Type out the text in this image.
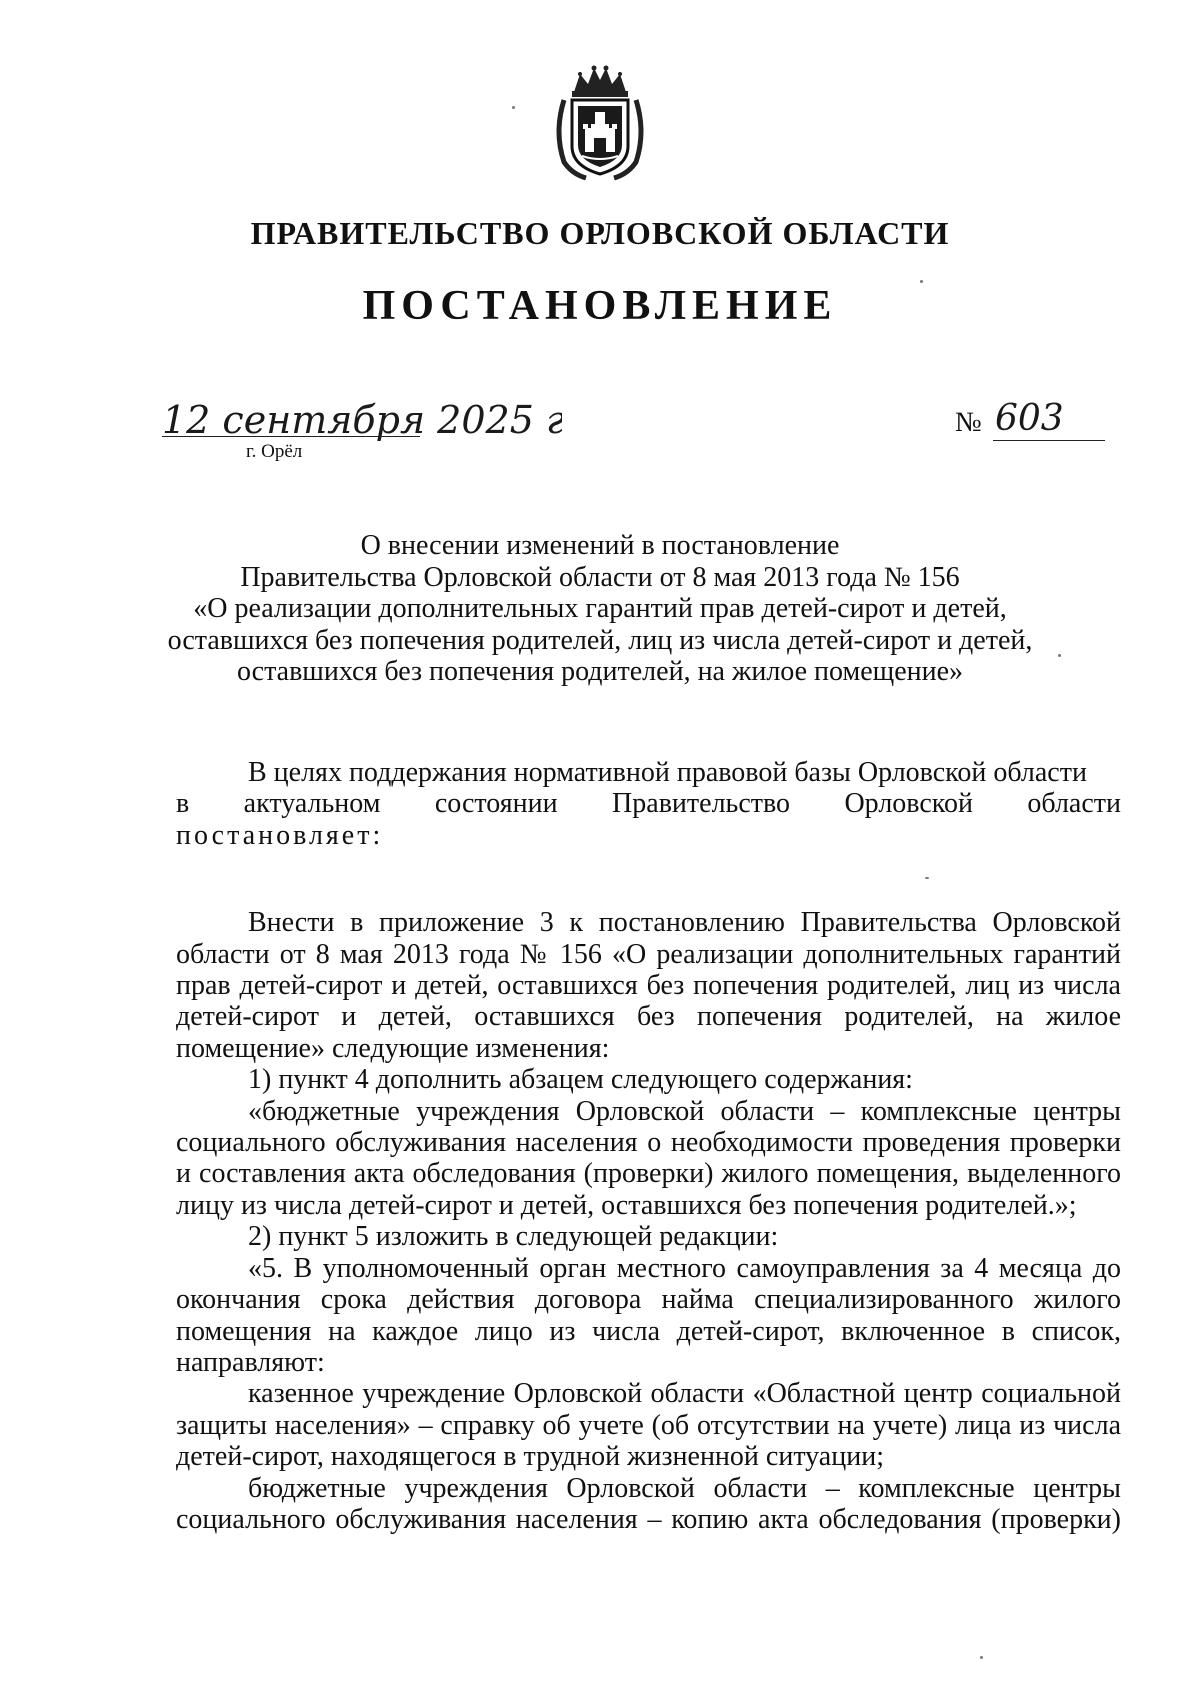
ПРАВИТЕЛЬСТВО ОРЛОВСКОЙ ОБЛАСТИ
ПОСТАНОВЛЕНИЕ
12 сентября 2025 г.
г. Орёл
№ 603
О внесении изменений в постановление
Правительства Орловской области от 8 мая 2013 года № 156
«О реализации дополнительных гарантий прав детей-сирот и детей,
оставшихся без попечения родителей, лиц из числа детей-сирот и детей,
оставшихся без попечения родителей, на жилое помещение»

В целях поддержания нормативной правовой базы Орловской области

в актуальном состоянии Правительство Орловской области

постановляет:

Внести в приложение 3 к постановлению Правительства Орловской области от 8 мая 2013 года № 156 «О реализации дополнительных гарантий прав детей-сирот и детей, оставшихся без попечения родителей, лиц из числа детей-сирот и детей, оставшихся без попечения родителей, на жилое помещение» следующие изменения:

1) пункт 4 дополнить абзацем следующего содержания:

«бюджетные учреждения Орловской области – комплексные центры социального обслуживания населения о необходимости проведения проверки и составления акта обследования (проверки) жилого помещения, выделенного лицу из числа детей-сирот и детей, оставшихся без попечения родителей.»;

2) пункт 5 изложить в следующей редакции:

«5. В уполномоченный орган местного самоуправления за 4 месяца до окончания срока действия договора найма специализированного жилого помещения на каждое лицо из числа детей-сирот, включенное в список, направляют:

казенное учреждение Орловской области «Областной центр социальной защиты населения» – справку об учете (об отсутствии на учете) лица из числа детей-сирот, находящегося в трудной жизненной ситуации;

бюджетные учреждения Орловской области – комплексные центры социального обслуживания населения – копию акта обследования (проверки)
